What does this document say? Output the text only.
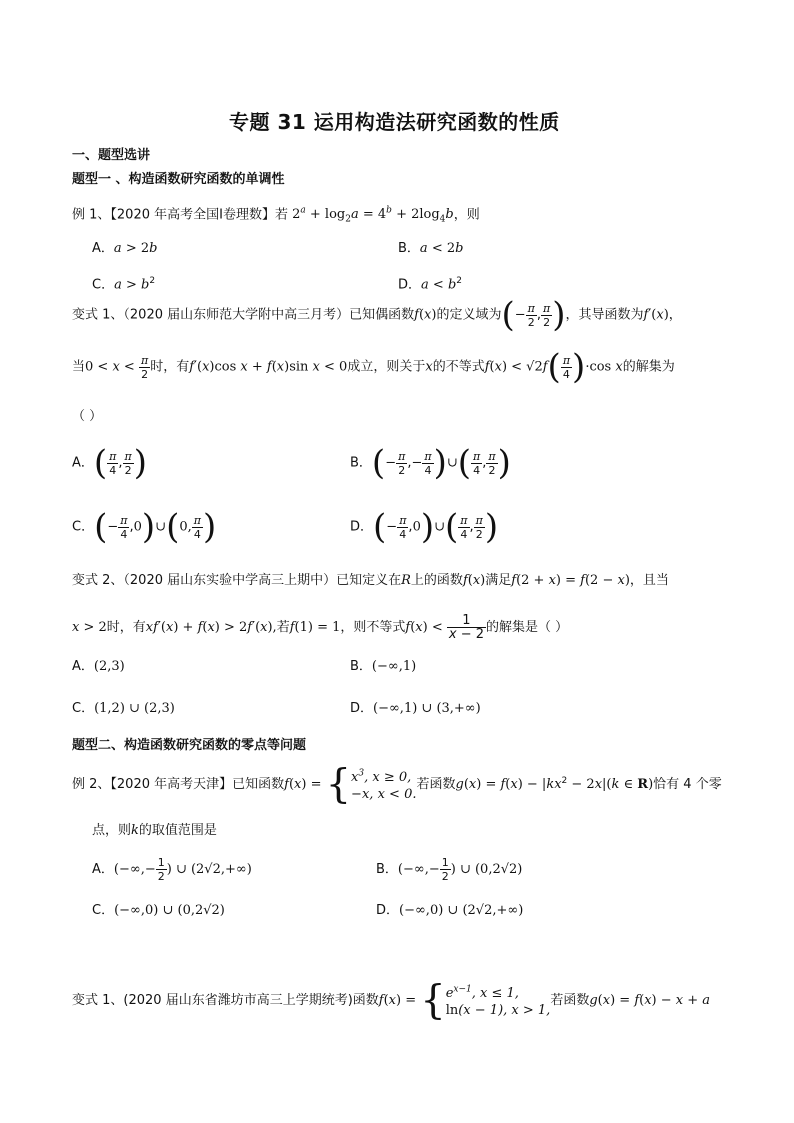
专题 31 运用构造法研究函数的性质
一、题型选讲
题型一 、构造函数研究函数的单调性
例 1、【2020 年高考全国Ⅰ卷理数】若 $2^a + \log_2a = 4^b + 2\log_4b$，则
A．a > 2b	B．a < 2b
C．$a > b^2$	D．$a < b^2$
变式 1、（2020 届山东师范大学附中高三月考）已知偶函数f(x)的定义域为(− $\frac{\pi}{2}$ , $\frac{\pi}{2}$ )，其导函数为f′(x)，
当$0 < x < \frac{\pi}{2}$ 时，有f′(x)cos x + f(x)sin x < 0成立，则关于x的不等式$f(x) < √2f( \frac{\pi}{4} )\cdot\cos$ x的解集为
（ ）
A．( $\frac{\pi}{4}$ , $\frac{\pi}{2}$ )	B．(− $\frac{\pi}{2}$ ,− $\frac{\pi}{4}$ )∪( $\frac{\pi}{4}$ , $\frac{\pi}{2}$ )
C．(− $\frac{\pi}{4}$ ,0)∪(0, $\frac{\pi}{4}$ )	D．(− $\frac{\pi}{4}$ ,0)∪( $\frac{\pi}{4}$ , $\frac{\pi}{2}$ )
变式 2、（2020 届山东实验中学高三上期中）已知定义在R上的函数f(x)满足f(2 + x) = f(2 − x)，且当
x > 2时，有xf′(x) + f(x) > 2f′(x),若f(1) = 1，则不等式$f(x) < \frac{1}{x - 2}$ 的解集是（ ）
A．(2,3)	B．(−∞,1)
C．(1,2) ∪ (2,3)	D．(−∞,1) ∪ (3,+∞)
题型二、构造函数研究函数的零点等问题
例 2、【2020 年高考天津】已知函数$f(x) = \{x^3$, x ≥ 0,
−x, x < 0.若函数$g(x) = f(x) - |kx^2 - 2x|(k$ ∈ R)恰有 4 个零
点，则k的取值范围是
A．(−∞,− $\frac{1}{2}$ ) ∪ (2√2,+∞)	B．(−∞,− $\frac{1}{2}$ ) ∪ (0,2√2)
C．(−∞,0) ∪ (0,2√2)	D．(−∞,0) ∪ (2√2,+∞)
变式 1、(2020 届山东省潍坊市高三上学期统考)函数$f(x) = \{e^{x-1}$, x ≤ 1,
ln(x − 1), x > 1,若函数g(x) = f(x) − x + a
